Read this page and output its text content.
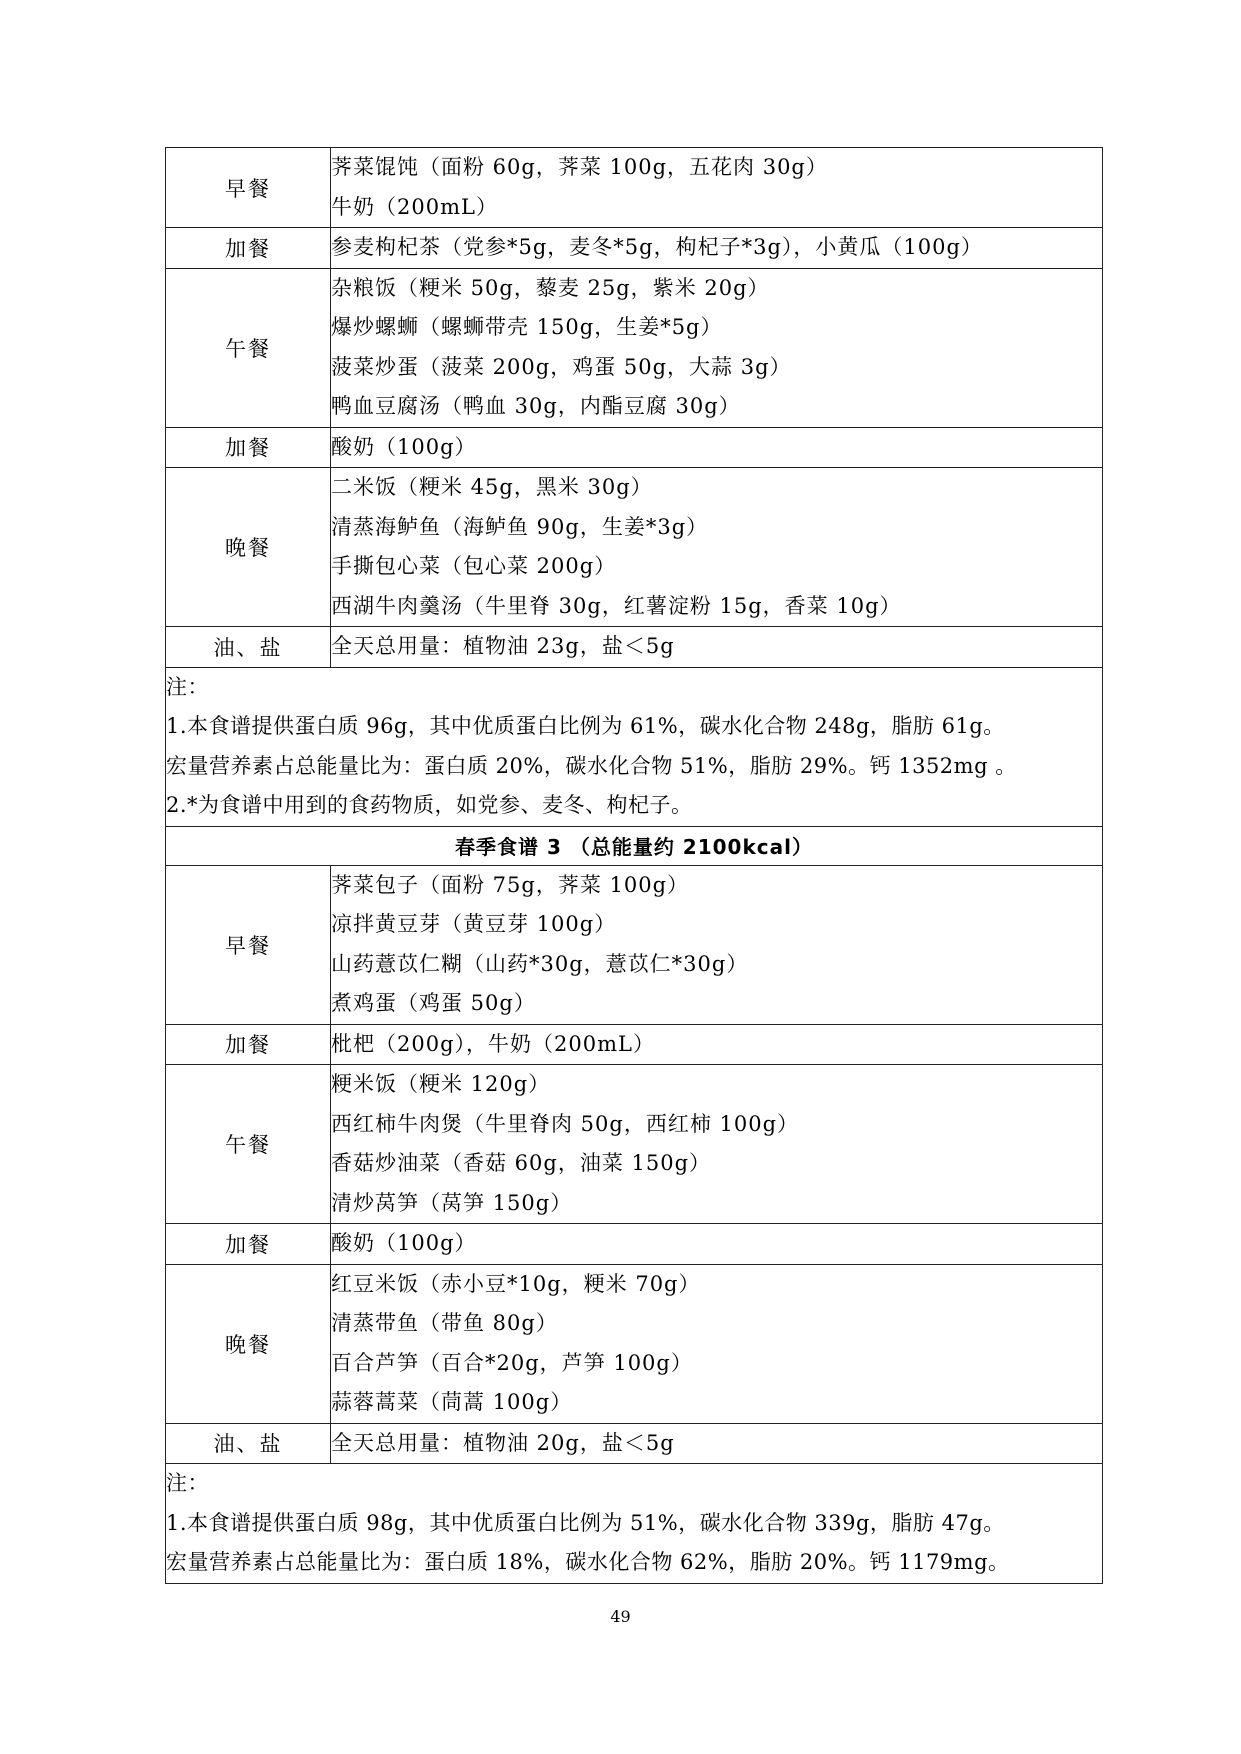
早餐	荠菜馄饨（面粉 60g，荠菜 100g，五花肉 30g）
牛奶（200mL）

加餐	参麦枸杞茶（党参*5g，麦冬*5g，枸杞子*3g），小黄瓜（100g）

午餐	杂粮饭（粳米 50g，藜麦 25g，紫米 20g）
爆炒螺蛳（螺蛳带壳 150g，生姜*5g）
菠菜炒蛋（菠菜 200g，鸡蛋 50g，大蒜 3g）
鸭血豆腐汤（鸭血 30g，内酯豆腐 30g）

加餐	酸奶（100g）

晚餐	二米饭（粳米 45g，黑米 30g）
清蒸海鲈鱼（海鲈鱼 90g，生姜*3g）
手撕包心菜（包心菜 200g）
西湖牛肉羹汤（牛里脊 30g，红薯淀粉 15g，香菜 10g）

油、盐	全天总用量：植物油 23g，盐＜5g

注：
1.本食谱提供蛋白质 96g，其中优质蛋白比例为 61%，碳水化合物 248g，脂肪 61g。
宏量营养素占总能量比为：蛋白质 20%，碳水化合物 51%，脂肪 29%。钙 1352mg 。
2.*为食谱中用到的食药物质，如党参、麦冬、枸杞子。	

春季食谱 3 （总能量约 2100kcal）	
早餐	荠菜包子（面粉 75g，荠菜 100g）
凉拌黄豆芽（黄豆芽 100g）
山药薏苡仁糊（山药*30g，薏苡仁*30g）
煮鸡蛋（鸡蛋 50g）

加餐	枇杷（200g），牛奶（200mL）

午餐	粳米饭（粳米 120g）
西红柿牛肉煲（牛里脊肉 50g，西红柿 100g）
香菇炒油菜（香菇 60g，油菜 150g）
清炒莴笋（莴笋 150g）

加餐	酸奶（100g）

晚餐	红豆米饭（赤小豆*10g，粳米 70g）
清蒸带鱼（带鱼 80g）
百合芦笋（百合*20g，芦笋 100g）
蒜蓉蒿菜（茼蒿 100g）

油、盐	全天总用量：植物油 20g，盐＜5g

注：
1.本食谱提供蛋白质 98g，其中优质蛋白比例为 51%，碳水化合物 339g，脂肪 47g。
宏量营养素占总能量比为：蛋白质 18%，碳水化合物 62%，脂肪 20%。钙 1179mg。	
49
